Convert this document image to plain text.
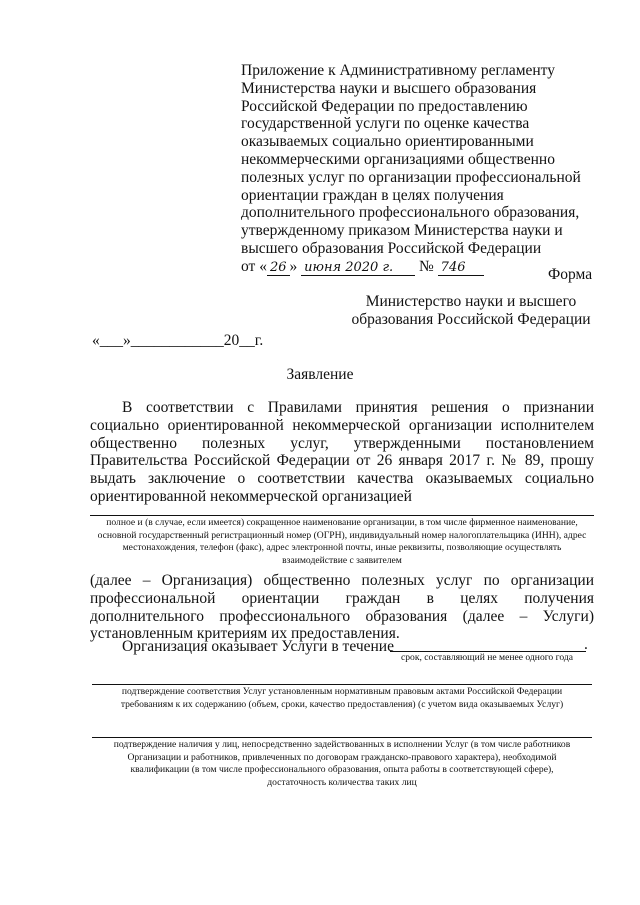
Приложение к Административному регламенту
Министерства науки и высшего образования
Российской Федерации по предоставлению
государственной услуги по оценке качества
оказываемых социально ориентированными
некоммерческими организациями общественно
полезных услуг по организации профессиональной
ориентации граждан в целях получения
дополнительного профессионального образования,
утвержденному приказом Министерства науки и
высшего образования Российской Федерации
от « 26 » июня 2020 г. № 746	Форма
Министерство науки и высшего образования Российской Федерации
«___»____________20__г.
Заявление
В соответствии с Правилами принятия решения о признании социально ориентированной некоммерческой организации исполнителем общественно полезных услуг, утвержденными постановлением Правительства Российской Федерации от 26 января 2017 г. № 89, прошу выдать заключение о соответствии качества оказываемых социально ориентированной некоммерческой организацией
полное и (в случае, если имеется) сокращенное наименование организации, в том числе фирменное наименование, основной государственный регистрационный номер (ОГРН), индивидуальный номер налогоплательщика (ИНН), адрес местонахождения, телефон (факс), адрес электронной почты, иные реквизиты, позволяющие осуществлять взаимодействие с заявителем
(далее – Организация) общественно полезных услуг по организации профессиональной ориентации граждан в целях получения дополнительного профессионального образования (далее – Услуги) установленным критериям их предоставления.
Организация оказывает Услуги в течение	.
срок, составляющий не менее одного года
подтверждение соответствия Услуг установленным нормативным правовым актами Российской Федерации требованиям к их содержанию (объем, сроки, качество предоставления) (с учетом вида оказываемых Услуг)
подтверждение наличия у лиц, непосредственно задействованных в исполнении Услуг (в том числе работников Организации и работников, привлеченных по договорам гражданско-правового характера), необходимой квалификации (в том числе профессионального образования, опыта работы в соответствующей сфере), достаточность количества таких лиц
